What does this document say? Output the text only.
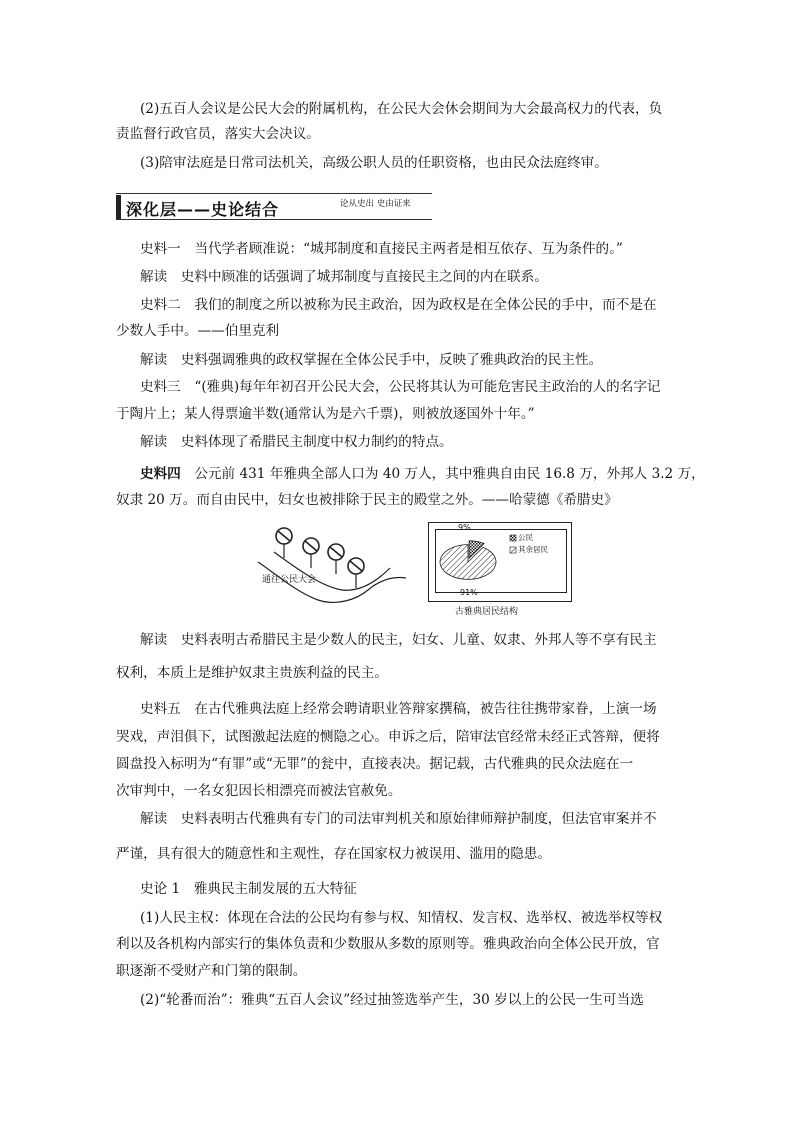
(2)五百人会议是公民大会的附属机构，在公民大会休会期间为大会最高权力的代表，负
责监督行政官员，落实大会决议。
(3)陪审法庭是日常司法机关，高级公职人员的任职资格，也由民众法庭终审。
深化层——史论结合	论从史出 史由证来
史料一　当代学者顾准说：“城邦制度和直接民主两者是相互依存、互为条件的。”
解读　史料中顾准的话强调了城邦制度与直接民主之间的内在联系。
史料二　我们的制度之所以被称为民主政治，因为政权是在全体公民的手中，而不是在
少数人手中。——伯里克利
解读　史料强调雅典的政权掌握在全体公民手中，反映了雅典政治的民主性。
史料三　“(雅典)每年年初召开公民大会，公民将其认为可能危害民主政治的人的名字记
于陶片上；某人得票逾半数(通常认为是六千票)，则被放逐国外十年。”
解读　史料体现了希腊民主制度中权力制约的特点。
史料四　公元前 431 年雅典全部人口为 40 万人，其中雅典自由民 16.8 万，外邦人 3.2 万，
奴隶 20 万。而自由民中，妇女也被排除于民主的殿堂之外。——哈蒙德《希腊史》
通往公民大会
公民
其余居民
9%
91%
古雅典居民结构
解读　史料表明古希腊民主是少数人的民主，妇女、儿童、奴隶、外邦人等不享有民主
权利，本质上是维护奴隶主贵族利益的民主。
史料五　在古代雅典法庭上经常会聘请职业答辩家撰稿，被告往往携带家眷，上演一场
哭戏，声泪俱下，试图激起法庭的恻隐之心。申诉之后，陪审法官经常未经正式答辩，便将
圆盘投入标明为“有罪”或“无罪”的瓮中，直接表决。据记载，古代雅典的民众法庭在一
次审判中，一名女犯因长相漂亮而被法官赦免。
解读　史料表明古代雅典有专门的司法审判机关和原始律师辩护制度，但法官审案并不
严谨，具有很大的随意性和主观性，存在国家权力被误用、滥用的隐患。
史论 1　雅典民主制发展的五大特征
(1)人民主权：体现在合法的公民均有参与权、知情权、发言权、选举权、被选举权等权
利以及各机构内部实行的集体负责和少数服从多数的原则等。雅典政治向全体公民开放，官
职逐渐不受财产和门第的限制。
(2)“轮番而治”：雅典“五百人会议”经过抽签选举产生，30 岁以上的公民一生可当选
